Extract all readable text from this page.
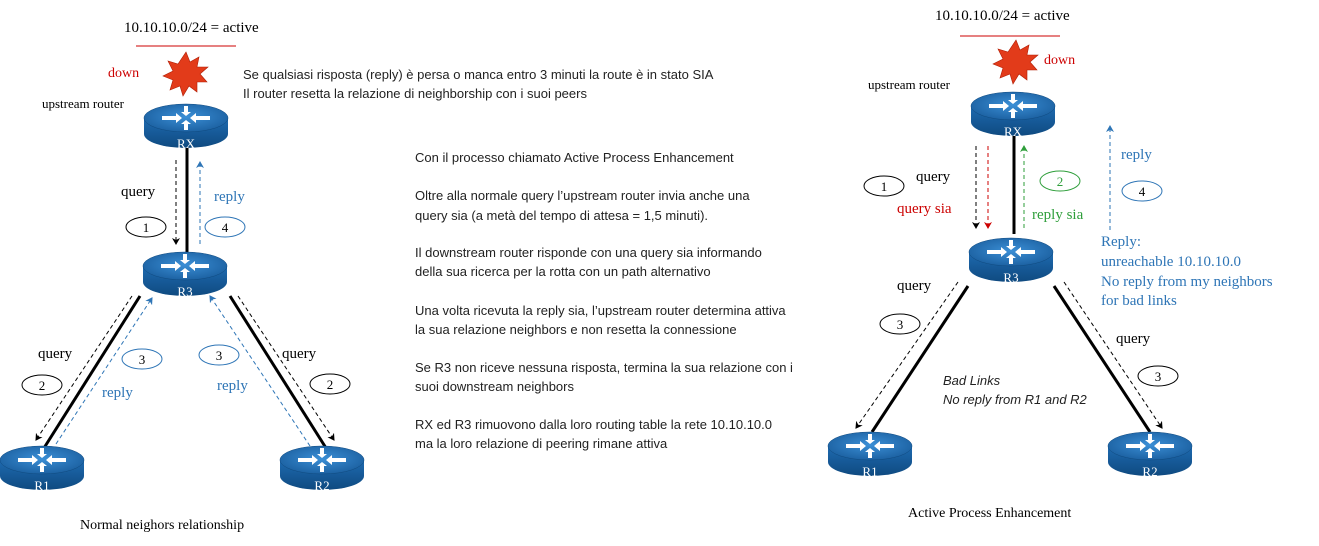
10.10.10.0/24 = active
down
upstream router
RX
R3
R1	R2
query	reply
1	4
query
2
3
reply
3	query
reply	2
Normal neighors relationship
10.10.10.0/24 = active
down
upstream router
RX
R3
R1	R2
query
1
query sia
2
reply sia
reply
4
Reply:
unreachable 10.10.10.0
No reply from my neighbors
for bad links
query
3
query
3
Bad Links
No reply from R1 and R2
Active Process Enhancement
Se qualsiasi risposta (reply) è persa o manca entro 3 minuti la route è in stato SIA
Il router resetta la relazione di neighborship con i suoi peers
Con il processo chiamato Active Process Enhancement
Oltre alla normale query l’upstream router invia anche una
query sia (a metà del tempo di attesa = 1,5 minuti).
Il downstream router risponde con una query sia informando
della sua ricerca per la rotta con un path alternativo
Una volta ricevuta la reply sia, l’upstream router determina attiva
la sua relazione neighbors e non resetta la connessione
Se R3 non riceve nessuna risposta, termina la sua relazione con i
suoi downstream neighbors
RX ed R3 rimuovono dalla loro routing table la rete 10.10.10.0
ma la loro relazione di peering rimane attiva
